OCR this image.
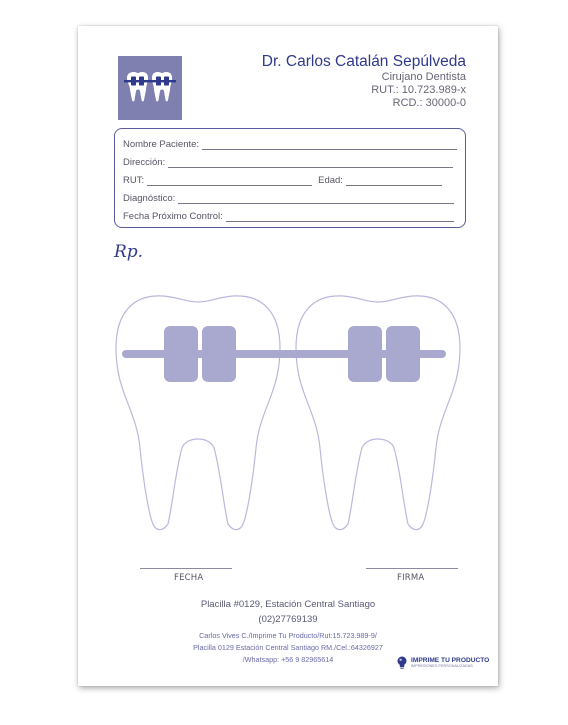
Dr. Carlos Catalán Sepúlveda
Cirujano Dentista
RUT.: 10.723.989-x
RCD.: 30000-0
Nombre Paciente:
Dirección:
RUT:	Edad:
Diagnóstico:
Fecha Próximo Control:
Rp.
FECHA	FIRMA
Placilla #0129, Estación Central Santiago
(02)27769139
Carlos Vives C./Imprime Tu Producto/Rut:15.723.989-9/
Placilla 0129 Estación Central Santiago RM./Cel.:64326927
/Whatsapp: +56 9 82965614	IMPRIME TU PRODUCTO
IMPRESIONES PERSONALIZADAS
